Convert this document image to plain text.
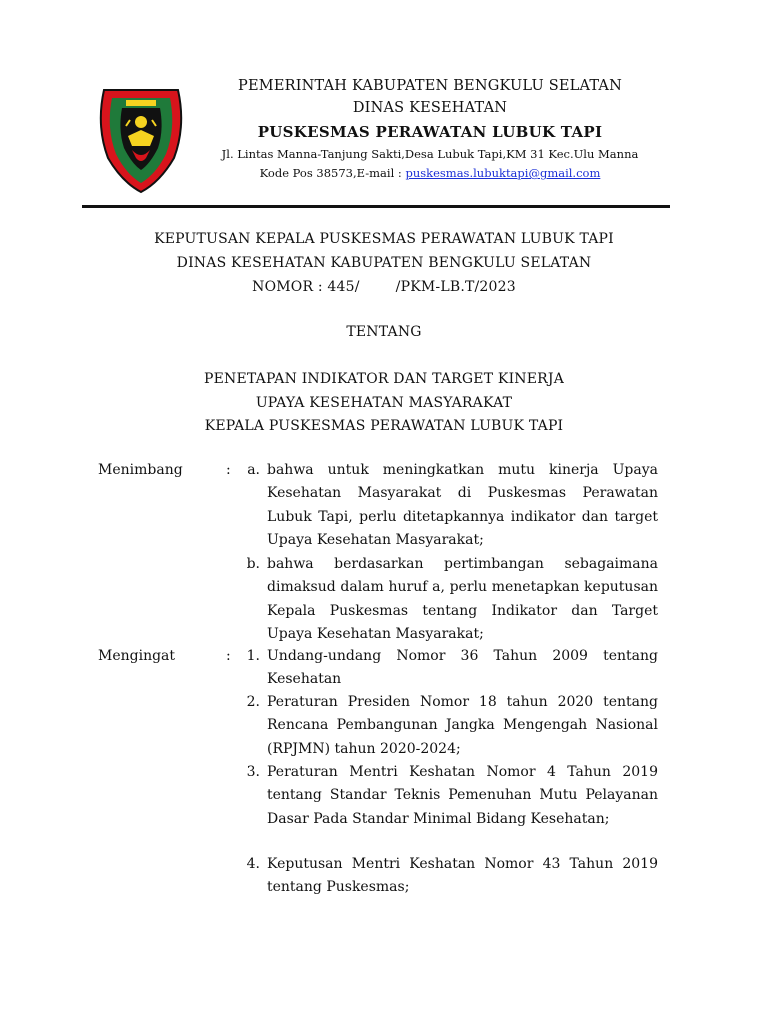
PEMERINTAH KABUPATEN BENGKULU SELATAN
DINAS KESEHATAN
PUSKESMAS PERAWATAN LUBUK TAPI
Jl. Lintas Manna-Tanjung Sakti,Desa Lubuk Tapi,KM 31 Kec.Ulu Manna
Kode Pos 38573,E-mail : puskesmas.lubuktapi@gmail.com
KEPUTUSAN KEPALA PUSKESMAS PERAWATAN LUBUK TAPI
DINAS KESEHATAN KABUPATEN BENGKULU SELATAN
NOMOR : 445/	/PKM-LB.T/2023
TENTANG
PENETAPAN INDIKATOR DAN TARGET KINERJA
UPAYA KESEHATAN MASYARAKAT
KEPALA PUSKESMAS PERAWATAN LUBUK TAPI
Menimbang	:	a. bahwa untuk meningkatkan mutu kinerja Upaya Kesehatan Masyarakat di Puskesmas Perawatan Lubuk Tapi, perlu ditetapkannya indikator dan target Upaya Kesehatan Masyarakat;

b. bahwa berdasarkan pertimbangan sebagaimana dimaksud dalam huruf a, perlu menetapkan keputusan Kepala Puskesmas tentang Indikator dan Target Upaya Kesehatan Masyarakat;

Mengingat	:	1. Undang-undang Nomor 36 Tahun 2009 tentang Kesehatan

2. Peraturan Presiden Nomor 18 tahun 2020 tentang Rencana Pembangunan Jangka Mengengah Nasional (RPJMN) tahun 2020-2024;

3. Peraturan Mentri Keshatan Nomor 4 Tahun 2019 tentang Standar Teknis Pemenuhan Mutu Pelayanan Dasar Pada Standar Minimal Bidang Kesehatan;

4. Keputusan Mentri Keshatan Nomor 43 Tahun 2019 tentang Puskesmas;
